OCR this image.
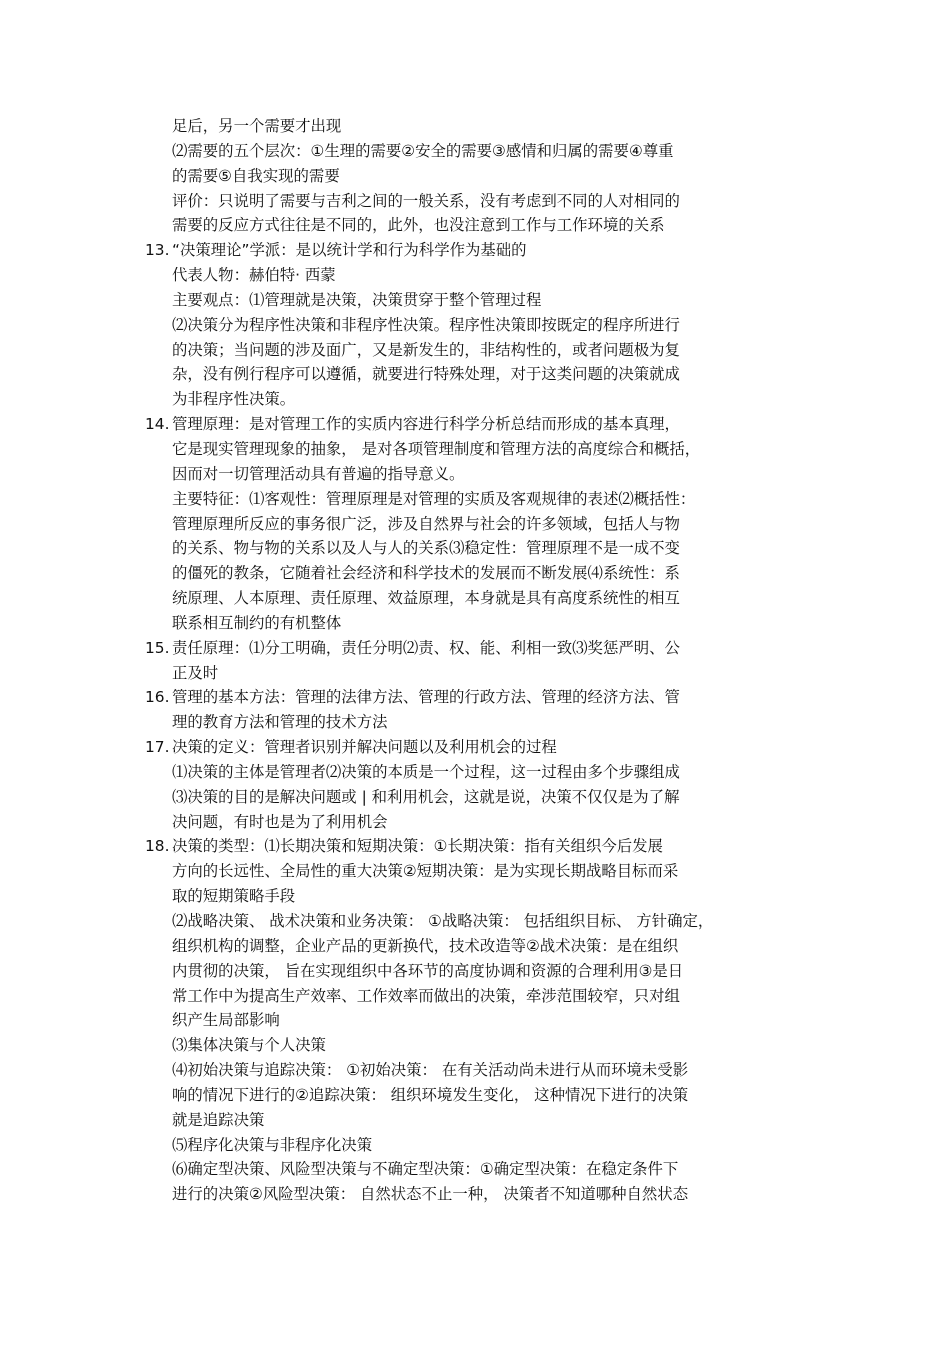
足后，另一个需要才出现
⑵需要的五个层次：①生理的需要②安全的需要③感情和归属的需要④尊重
的需要⑤自我实现的需要
评价：只说明了需要与吉利之间的一般关系，没有考虑到不同的人对相同的
需要的反应方式往往是不同的，此外，也没注意到工作与工作环境的关系
13. “决策理论”学派：是以统计学和行为科学作为基础的
代表人物：赫伯特· 西蒙
主要观点：⑴管理就是决策，决策贯穿于整个管理过程
⑵决策分为程序性决策和非程序性决策。程序性决策即按既定的程序所进行
的决策；当问题的涉及面广，又是新发生的，非结构性的，或者问题极为复
杂，没有例行程序可以遵循，就要进行特殊处理，对于这类问题的决策就成
为非程序性决策。
14. 管理原理：是对管理工作的实质内容进行科学分析总结而形成的基本真理，
它是现实管理现象的抽象， 是对各项管理制度和管理方法的高度综合和概括，
因而对一切管理活动具有普遍的指导意义。
主要特征：⑴客观性：管理原理是对管理的实质及客观规律的表述⑵概括性：
管理原理所反应的事务很广泛，涉及自然界与社会的许多领域，包括人与物
的关系、物与物的关系以及人与人的关系⑶稳定性：管理原理不是一成不变
的僵死的教条，它随着社会经济和科学技术的发展而不断发展⑷系统性：系
统原理、人本原理、责任原理、效益原理，本身就是具有高度系统性的相互
联系相互制约的有机整体
15. 责任原理：⑴分工明确，责任分明⑵责、权、能、利相一致⑶奖惩严明、公
正及时
16. 管理的基本方法：管理的法律方法、管理的行政方法、管理的经济方法、管
理的教育方法和管理的技术方法
17. 决策的定义：管理者识别并解决问题以及利用机会的过程
⑴决策的主体是管理者⑵决策的本质是一个过程，这一过程由多个步骤组成
⑶决策的目的是解决问题或 | 和利用机会，这就是说，决策不仅仅是为了解
决问题，有时也是为了利用机会
18. 决策的类型：⑴长期决策和短期决策：①长期决策：指有关组织今后发展
方向的长远性、全局性的重大决策②短期决策：是为实现长期战略目标而采
取的短期策略手段
⑵战略决策、 战术决策和业务决策： ①战略决策： 包括组织目标、 方针确定，
组织机构的调整，企业产品的更新换代，技术改造等②战术决策：是在组织
内贯彻的决策， 旨在实现组织中各环节的高度协调和资源的合理利用③是日
常工作中为提高生产效率、工作效率而做出的决策，牵涉范围较窄，只对组
织产生局部影响
⑶集体决策与个人决策
⑷初始决策与追踪决策： ①初始决策： 在有关活动尚未进行从而环境未受影
响的情况下进行的②追踪决策： 组织环境发生变化， 这种情况下进行的决策
就是追踪决策
⑸程序化决策与非程序化决策
⑹确定型决策、风险型决策与不确定型决策：①确定型决策：在稳定条件下
进行的决策②风险型决策： 自然状态不止一种， 决策者不知道哪种自然状态
